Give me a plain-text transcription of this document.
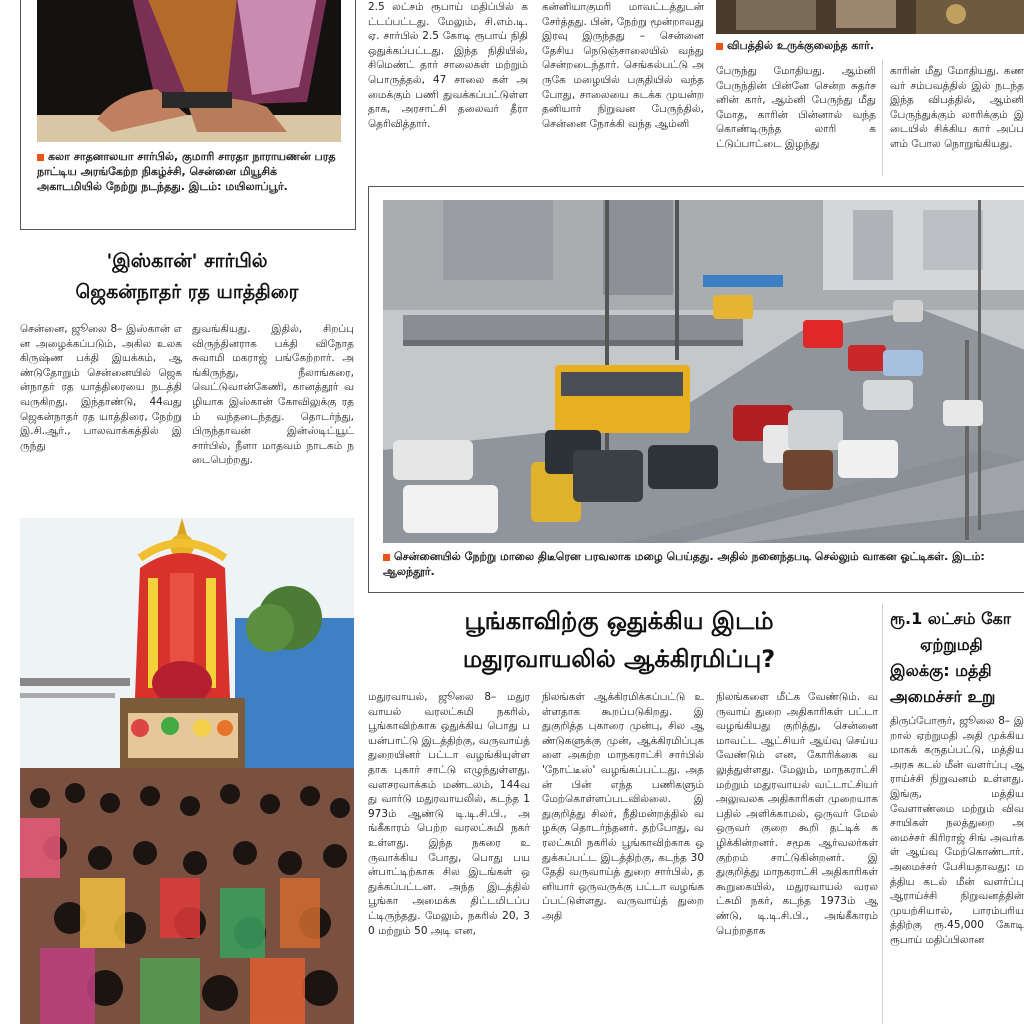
கலா சாதனாலயா சார்பில், குமாரி சாரதா நாராயணன் பரத நாட்டிய அரங்கேற்ற நிகழ்ச்சி, சென்னை மியூசிக் அகாடமியில் நேற்று நடந்தது. இடம்: மயிலாப்பூர்.
2.5 லட்சம் ரூபாய் மதிப்பில் கட்டப்பட்டது. மேலும், சி.எம்.டி.ஏ. சார்பில் 2.5 கோடி ரூபாய் நிதி ஒதுக்கப்பட்டது. இந்த நிதியில், சிமெண்ட் தார் சாலைகள் மற்றும் பொருத்தல், 47 சாலை கள் அமைக்கும் பணி துவக்கப்பட்டுள்ளதாக, அரசாட்சி தலைவர் தீரா தெரிவித்தார்.
கன்னியாகுமரி மாவட்டத்துடன் சேர்த்தது. பின், நேற்று மூன்றாவது இரவு இருந்தது – சென்னை தேசிய நெடுஞ்சாலையில் வந்து சென்றடைந்தார். செங்கல்பட்டு அருகே மழையில் பகுதியில் வந்த போது, சாலையை கடக்க முயன்ற தனியார் நிறுவன பேருந்தில், சென்னை நோக்கி வந்த ஆம்னி
விபத்தில் உருக்குலைந்த கார்.
பேருந்து மோதியது. ஆம்னி பேருந்தின் பின்னே சென்ற சுதர்சனின் கார், ஆம்னி பேருந்து மீது மோத, காரின் பின்னால் வந்த கொண்டிருந்த லாரி கட்டுப்பாட்டை இழந்து
காரின் மீது மோதியது. கணவர் சம்பவத்தில் இல் நடந்த இந்த விபத்தில், ஆம்னி பேருந்துக்கும் லாரிக்கும் இடையில் சிக்கிய கார் அப்பளம் போல நொறுங்கியது.
'இஸ்கான்' சார்பில்
ஜெகன்நாதர் ரத யாத்திரை
சென்னை, ஜூலை 8– இஸ்கான் என அழைக்கப்படும், அகில உலக கிருஷ்ண பக்தி இயக்கம், ஆண்டுதோறும் சென்னையில் ஜெகன்நாதர் ரத யாத்திரையை நடத்தி வருகிறது. இந்தாண்டு, 44வது ஜெகன்நாதர் ரத யாத்திரை, நேற்று இ.சி.ஆர்., பாலவாக்கத்தில் இருந்து
துவங்கியது. இதில், சிறப்பு விருந்தினராக பக்தி விநோத சுவாமி மகராஜ் பங்கேற்றார். அங்கிருந்து, நீலாங்கரை, வெட்டுவான்கேணி, கானத்தூர் வழியாக இஸ்கான் கோவிலுக்கு ரதம் வந்தடைந்தது. தொடர்ந்து, பிருந்தாவன் இன்ஸ்டிட்யூட் சார்பில், நீளா மாதவம் நாடகம் நடைபெற்றது.
சென்னையில் நேற்று மாலை திடீரென பரவலாக மழை பெய்தது. அதில் நனைந்தபடி செல்லும் வாகன ஓட்டிகள். இடம்: ஆலந்தூர்.
பூங்காவிற்கு ஒதுக்கிய இடம்
மதுரவாயலில் ஆக்கிரமிப்பு?
மதுரவாயல், ஜூலை 8– மதுரவாயல் வரலட்சுமி நகரில், பூங்காவிற்காக ஒதுக்கிய பொது பயன்பாட்டு இடத்திற்கு, வருவாய்த் துறையினர் பட்டா வழங்கியுள்ளதாக புகார் சாட்டு எழுந்துள்ளது. வளசரவாக்கம் மண்டலம், 144வது வார்டு மதுரவாயலில், கடந்த 1973ம் ஆண்டு டி.டி.சி.பி., அங்கீகாரம் பெற்ற வரலட்சுமி நகர் உள்ளது. இந்த நகரை உருவாக்கிய போது, பொது பயன்பாட்டிற்காக சில இடங்கள் ஒதுக்கப்பட்டன. அந்த இடத்தில் பூங்கா அமைக்க திட்டமிடப்பட்டிருந்தது. மேலும், நகரில் 20, 30 மற்றும் 50 அடி என,
நிலங்கள் ஆக்கிரமிக்கப்பட்டு உள்ளதாக கூறப்படுகிறது. இதுகுறித்த புகாரை முன்பு, சில ஆண்டுகளுக்கு முன், ஆக்கிரமிப்புகளை அகற்ற மாநகராட்சி சார்பில் 'நோட்டீஸ்' வழங்கப்பட்டது. அதன் பின் எந்த பணிகளும் மேற்கொள்ளப்படவில்லை. இதுகுறித்து சிலர், நீதிமன்றத்தில் வழக்கு தொடர்ந்தனர். தற்போது, வரலட்சுமி நகரில் பூங்காவிற்காக ஒதுக்கப்பட்ட இடத்திற்கு, கடந்த 30 தேதி வருவாய்த் துறை சார்பில், தனியார் ஒருவருக்கு பட்டா வழங்கப்பட்டுள்ளது. வருவாய்த் துறை அதி
நிலங்களை மீட்க வேண்டும். வருவாய் துறை அதிகாரிகள் பட்டா வழங்கியது குறித்து, சென்னை மாவட்ட ஆட்சியர் ஆய்வு செய்ய வேண்டும் என, கோரிக்கை வலுத்துள்ளது. மேலும், மாநகராட்சி மற்றும் மதுரவாயல் வட்டாட்சியர் அலுவலக அதிகாரிகள் முறையாக பதில் அளிக்காமல், ஒருவர் மேல் ஒருவர் குறை கூறி தட்டிக் கழிக்கின்றனர். சமூக ஆர்வலர்கள் குற்றம் சாட்டுகின்றனர். இதுகுறித்து மாநகராட்சி அதிகாரிகள் கூறுகையில், மதுரவாயல் வரலட்சுமி நகர், கடந்த 1973ம் ஆண்டு, டி.டி.சி.பி., அங்கீகாரம் பெற்றதாக
ரூ.1 லட்சம் கோ
ஏற்றுமதி
இலக்கு: மத்தி
அமைச்சர் உறு
திருப்போரூர், ஜூலை 8– இறால் ஏற்றுமதி அதி முக்கியமாகக் கருதப்பட்டு, மத்திய அரசு கடல் மீன் வளர்ப்பு ஆராய்ச்சி நிறுவனம் உள்ளது. இங்கு, மத்திய வேளாண்மை மற்றும் விவசாயிகள் நலத்துறை அமைச்சர் கிரிராஜ் சிங் அவர்கள் ஆய்வு மேற்கொண்டார். அமைச்சர் பேசியதாவது: மத்திய கடல் மீன் வளர்ப்பு ஆராய்ச்சி நிறுவனத்தின் முயற்சியால், பாரம்பரியத்திற்கு ரூ.45,000 கோடி ரூபாய் மதிப்பிலான
